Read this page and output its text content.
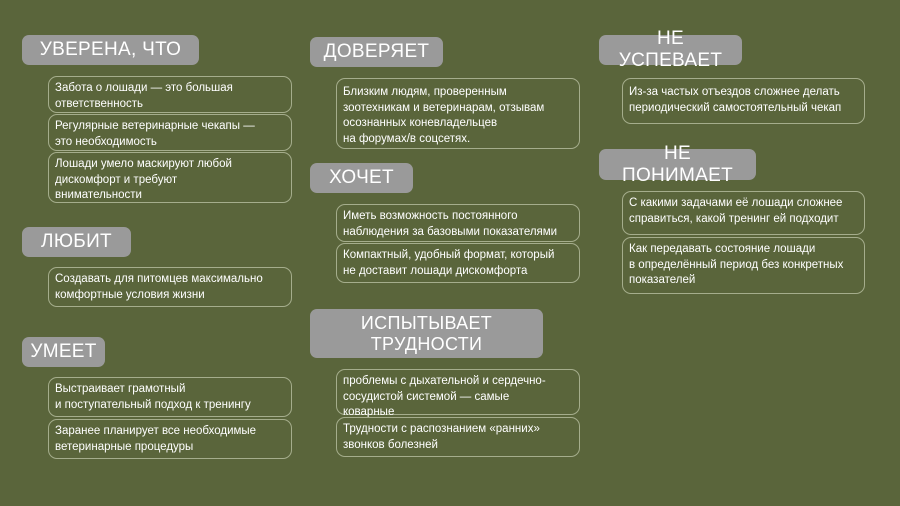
УВЕРЕНА, ЧТО
Забота о лошади — это большая
ответственность
Регулярные ветеринарные чекапы —
это необходимость
Лошади умело маскируют любой
дискомфорт и требуют
внимательности
ЛЮБИТ
Создавать для питомцев максимально
комфортные условия жизни
УМЕЕТ
Выстраивает грамотный
и поступательный подход к тренингу
Заранее планирует все необходимые
ветеринарные процедуры
ДОВЕРЯЕТ
Близким людям, проверенным
зоотехникам и ветеринарам, отзывам
осознанных коневладельцев
на форумах/в соцсетях.
ХОЧЕТ
Иметь возможность постоянного
наблюдения за базовыми показателями
Компактный, удобный формат, который
не доставит лошади дискомфорта
ИСПЫТЫВАЕТ
ТРУДНОСТИ
проблемы с дыхательной и сердечно-
сосудистой системой — самые
коварные
Трудности с распознанием «ранних»
звонков болезней
НЕ УСПЕВАЕТ
Из-за частых отъездов сложнее делать
периодический самостоятельный чекап
НЕ ПОНИМАЕТ
С какими задачами её лошади сложнее
справиться, какой тренинг ей подходит
Как передавать состояние лошади
в определённый период без конкретных
показателей
